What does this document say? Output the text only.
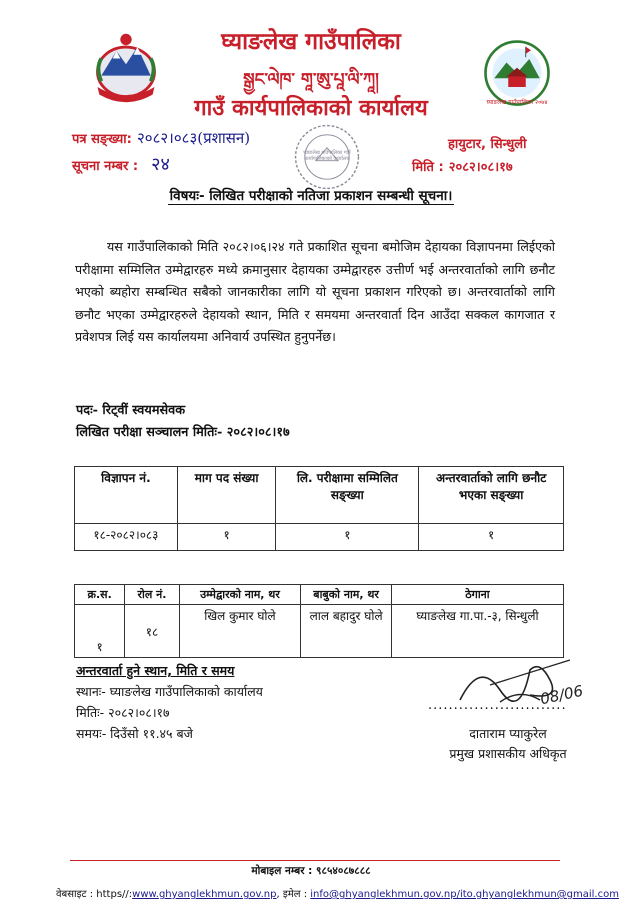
घ्याङलेख गाउँपालिका २०७४
घ्याङलेख गाउँपालिका
སྒྱང་ལེཁ་ གཱ་ཨུ་པཱ་ལི་ཀཱ།
गाउँ कार्यपालिकाको कार्यालय
पत्र सङ्ख्या: २०८२।०८३(प्रशासन)
सूचना नम्बर : २४
हायुटार, सिन्धुली
मिति : २०८२।०८।१७
घ्याङलेख गाउँपालिका गाउँ कार्यपालिकाको कार्यालय
विषयः- लिखित परीक्षाको नतिजा प्रकाशन सम्बन्धी सूचना।
यस गाउँपालिकाको मिति २०८२।०६।२४ गते प्रकाशित सूचना बमोजिम देहायका विज्ञापनमा लिईएको परीक्षामा सम्मिलित उम्मेद्वारहरु मध्ये क्रमानुसार देहायका उम्मेद्वारहरु उत्तीर्ण भई अन्तरवार्ताको लागि छनौट भएको ब्यहोरा सम्बन्धित सबैको जानकारीका लागि यो सूचना प्रकाशन गरिएको छ। अन्तरवार्ताको लागि छनौट भएका उम्मेद्वारहरुले देहायको स्थान, मिति र समयमा अन्तरवार्ता दिन आउँदा सक्कल कागजात र प्रवेशपत्र लिई यस कार्यालयमा अनिवार्य उपस्थित हुनुपर्नेछ।
पदः- रिट्वीं स्वयमसेवक
लिखित परीक्षा सञ्चालन मितिः- २०८२।०८।१७
विज्ञापन नं.	माग पद संख्या	लि. परीक्षामा सम्मिलित सङ्ख्या	अन्तरवार्ताको लागि छनौट भएका सङ्ख्या
१८-२०८२।०८३	१	१	१
क्र.स.	रोल नं.	उम्मेद्वारको नाम, थर	बाबुको नाम, थर	ठेगाना
१	१८	खिल कुमार घोले	लाल बहादुर घोले	घ्याङलेख गा.पा.-३, सिन्धुली
अन्तरवार्ता हुने स्थान, मिति र समय
स्थानः- घ्याङलेख गाउँपालिकाको कार्यालय
मितिः- २०८२।०८।१७
समयः- दिउँसो ११.४५ बजे
08/06
...........................
दाताराम प्याकुरेल
प्रमुख प्रशासकीय अधिकृत
मोबाइल नम्बर : ९८५४०८७८८८
वेबसाइट : https//:www.ghyanglekhmun.gov.np, इमेल : info@ghyanglekhmun.gov.np/ito.ghyanglekhmun@gmail.com
